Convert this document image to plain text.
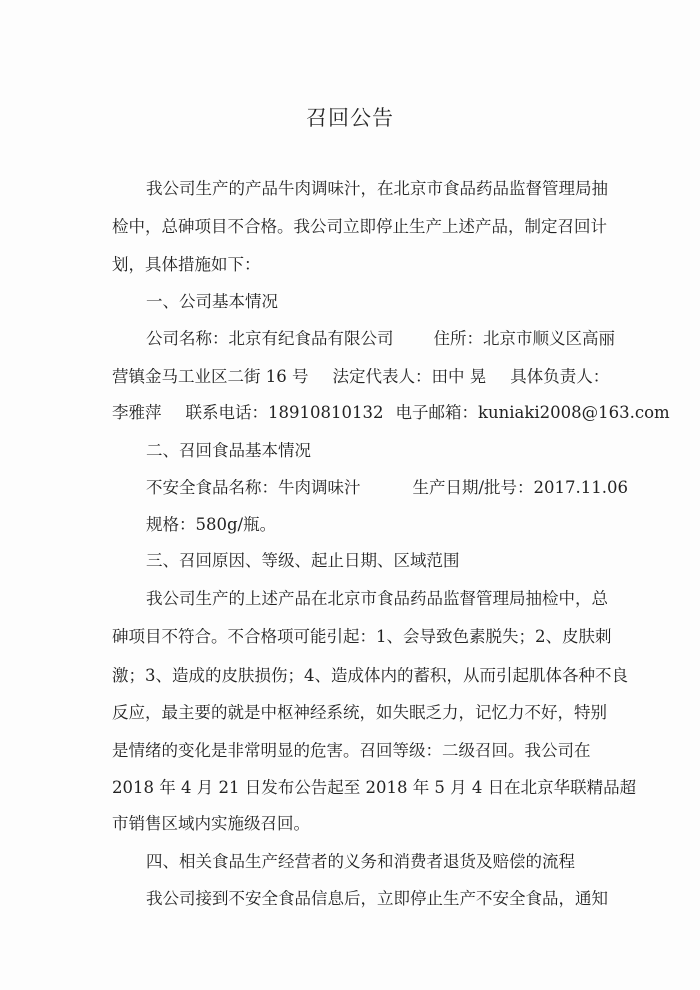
召回公告
我公司生产的产品牛肉调味汁，在北京市食品药品监督管理局抽
检中，总砷项目不合格。我公司立即停止生产上述产品，制定召回计
划，具体措施如下：
一、公司基本情况
公司名称：北京有纪食品有限公司 住所：北京市顺义区高丽
营镇金马工业区二街 16 号 法定代表人：田中 晃 具体负责人：
李雅萍 联系电话：18910810132 电子邮箱：kuniaki2008@163.com
二、召回食品基本情况
不安全食品名称：牛肉调味汁	生产日期/批号：2017.11.06
规格：580g/瓶。
三、召回原因、等级、起止日期、区域范围
我公司生产的上述产品在北京市食品药品监督管理局抽检中，总
砷项目不符合。不合格项可能引起：1、会导致色素脱失；2、皮肤刺
激；3、造成的皮肤损伤；4、造成体内的蓄积，从而引起肌体各种不良
反应，最主要的就是中枢神经系统，如失眠乏力，记忆力不好，特别
是情绪的变化是非常明显的危害。召回等级：二级召回。我公司在
2018 年 4 月 21 日发布公告起至 2018 年 5 月 4 日在北京华联精品超
市销售区域内实施级召回。
四、相关食品生产经营者的义务和消费者退货及赔偿的流程
我公司接到不安全食品信息后，立即停止生产不安全食品，通知
